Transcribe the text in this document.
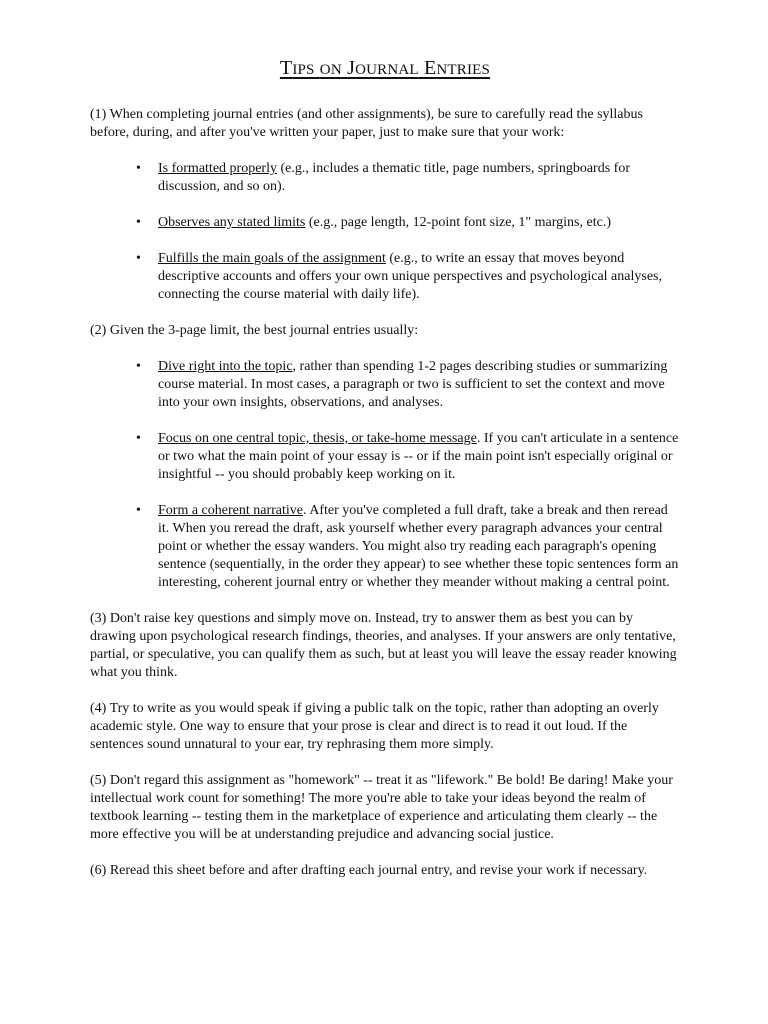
TIPS ON JOURNAL ENTRIES

(1) When completing journal entries (and other assignments), be sure to carefully read the syllabus before, during, and after you've written your paper, just to make sure that your work:

• Is formatted properly (e.g., includes a thematic title, page numbers, springboards for discussion, and so on).
• Observes any stated limits (e.g., page length, 12-point font size, 1" margins, etc.)
• Fulfills the main goals of the assignment (e.g., to write an essay that moves beyond descriptive accounts and offers your own unique perspectives and psychological analyses, connecting the course material with daily life).

(2) Given the 3-page limit, the best journal entries usually:

• Dive right into the topic, rather than spending 1-2 pages describing studies or summarizing course material. In most cases, a paragraph or two is sufficient to set the context and move into your own insights, observations, and analyses.
• Focus on one central topic, thesis, or take-home message. If you can't articulate in a sentence or two what the main point of your essay is -- or if the main point isn't especially original or insightful -- you should probably keep working on it.
• Form a coherent narrative. After you've completed a full draft, take a break and then reread it. When you reread the draft, ask yourself whether every paragraph advances your central point or whether the essay wanders. You might also try reading each paragraph's opening sentence (sequentially, in the order they appear) to see whether these topic sentences form an interesting, coherent journal entry or whether they meander without making a central point.

(3) Don't raise key questions and simply move on. Instead, try to answer them as best you can by drawing upon psychological research findings, theories, and analyses. If your answers are only tentative, partial, or speculative, you can qualify them as such, but at least you will leave the essay reader knowing what you think.

(4) Try to write as you would speak if giving a public talk on the topic, rather than adopting an overly academic style. One way to ensure that your prose is clear and direct is to read it out loud. If the sentences sound unnatural to your ear, try rephrasing them more simply.

(5) Don't regard this assignment as "homework" -- treat it as "lifework." Be bold! Be daring! Make your intellectual work count for something! The more you're able to take your ideas beyond the realm of textbook learning -- testing them in the marketplace of experience and articulating them clearly -- the more effective you will be at understanding prejudice and advancing social justice.

(6) Reread this sheet before and after drafting each journal entry, and revise your work if necessary.
